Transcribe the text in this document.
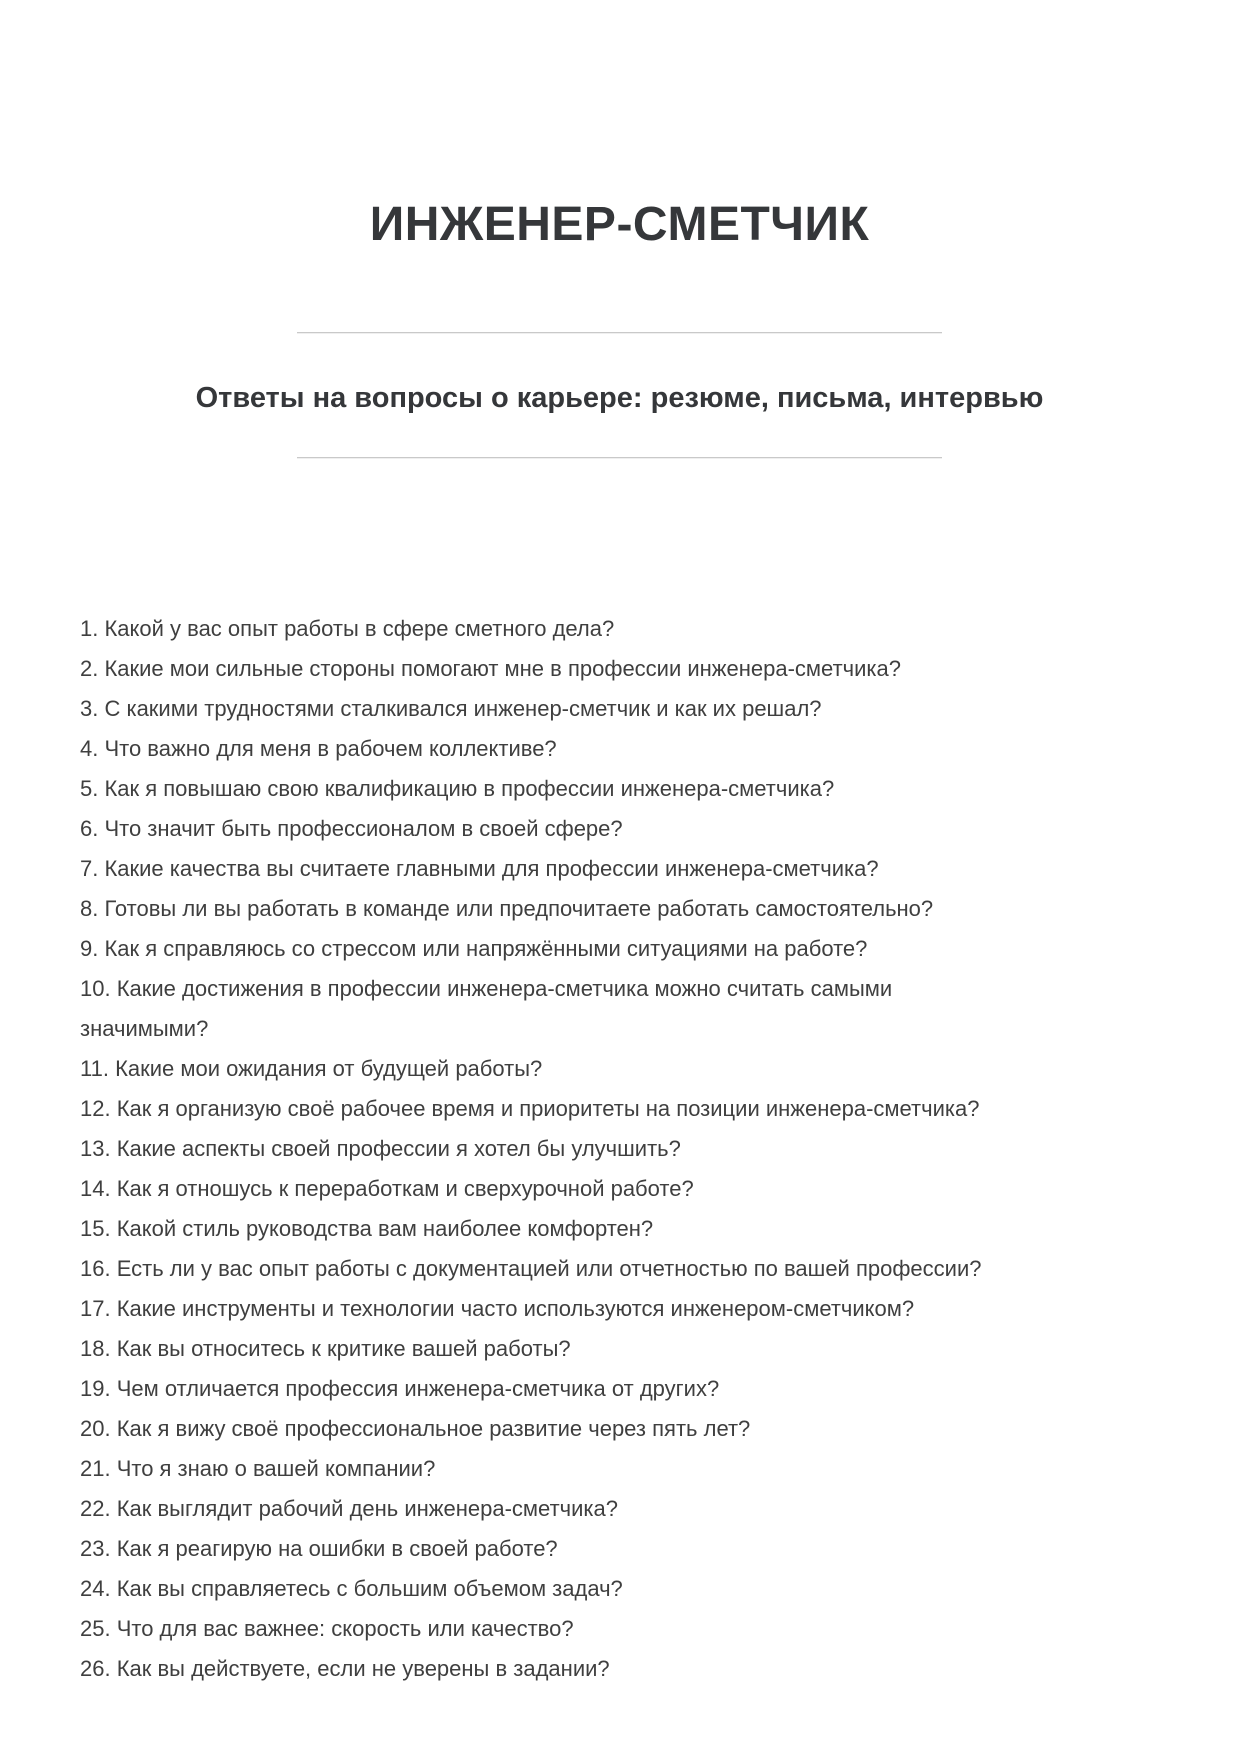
ИНЖЕНЕР-СМЕТЧИК
Ответы на вопросы о карьере: резюме, письма, интервью
1. Какой у вас опыт работы в сфере сметного дела?
2. Какие мои сильные стороны помогают мне в профессии инженера-сметчика?
3. С какими трудностями сталкивался инженер-сметчик и как их решал?
4. Что важно для меня в рабочем коллективе?
5. Как я повышаю свою квалификацию в профессии инженера-сметчика?
6. Что значит быть профессионалом в своей сфере?
7. Какие качества вы считаете главными для профессии инженера-сметчика?
8. Готовы ли вы работать в команде или предпочитаете работать самостоятельно?
9. Как я справляюсь со стрессом или напряжёнными ситуациями на работе?
10. Какие достижения в профессии инженера-сметчика можно считать самыми значимыми?
11. Какие мои ожидания от будущей работы?
12. Как я организую своё рабочее время и приоритеты на позиции инженера-сметчика?
13. Какие аспекты своей профессии я хотел бы улучшить?
14. Как я отношусь к переработкам и сверхурочной работе?
15. Какой стиль руководства вам наиболее комфортен?
16. Есть ли у вас опыт работы с документацией или отчетностью по вашей профессии?
17. Какие инструменты и технологии часто используются инженером-сметчиком?
18. Как вы относитесь к критике вашей работы?
19. Чем отличается профессия инженера-сметчика от других?
20. Как я вижу своё профессиональное развитие через пять лет?
21. Что я знаю о вашей компании?
22. Как выглядит рабочий день инженера-сметчика?
23. Как я реагирую на ошибки в своей работе?
24. Как вы справляетесь с большим объемом задач?
25. Что для вас важнее: скорость или качество?
26. Как вы действуете, если не уверены в задании?
